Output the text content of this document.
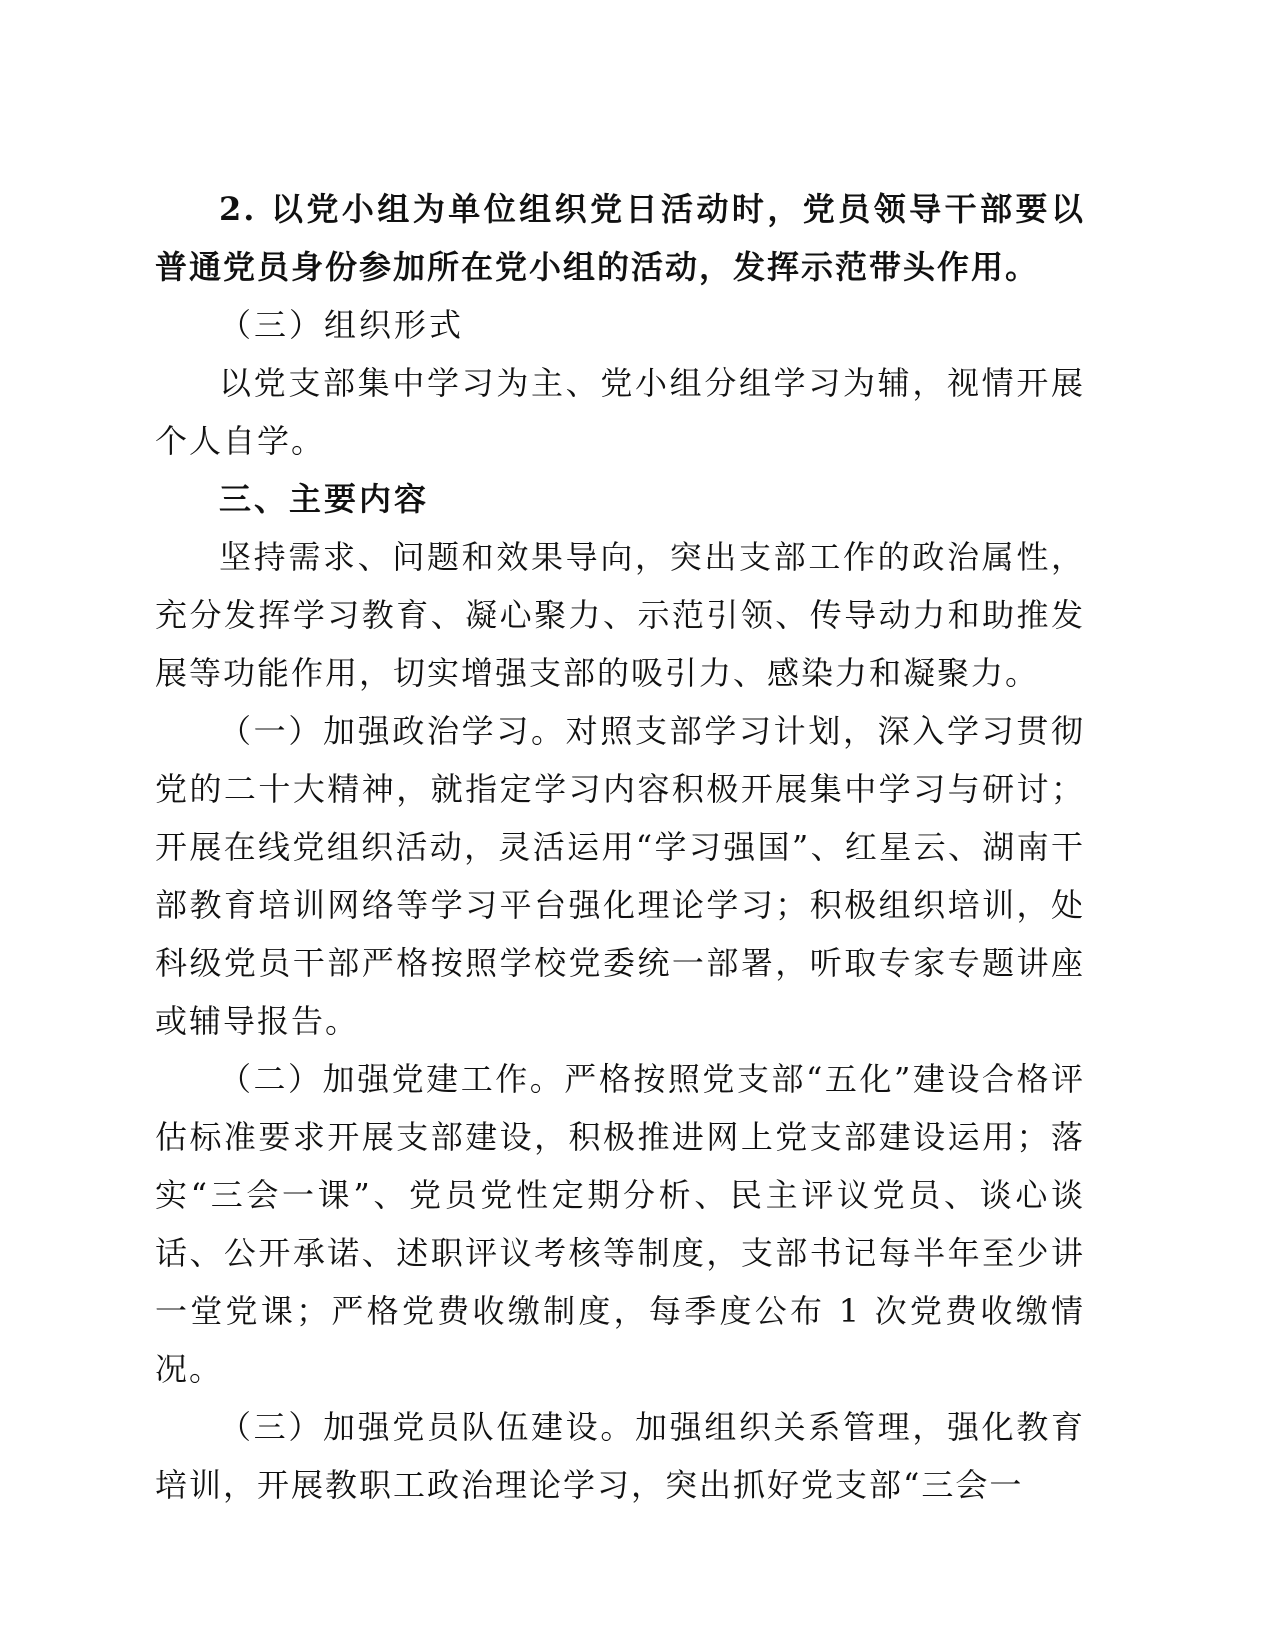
2. 以党小组为单位组织党日活动时，党员领导干部要以普通党员身份参加所在党小组的活动，发挥示范带头作用。

（三）组织形式

以党支部集中学习为主、党小组分组学习为辅，视情开展个人自学。

三、主要内容

坚持需求、问题和效果导向，突出支部工作的政治属性，充分发挥学习教育、凝心聚力、示范引领、传导动力和助推发展等功能作用，切实增强支部的吸引力、感染力和凝聚力。

（一）加强政治学习。对照支部学习计划，深入学习贯彻党的二十大精神，就指定学习内容积极开展集中学习与研讨；开展在线党组织活动，灵活运用“学习强国”、红星云、湖南干部教育培训网络等学习平台强化理论学习；积极组织培训，处科级党员干部严格按照学校党委统一部署，听取专家专题讲座或辅导报告。

（二）加强党建工作。严格按照党支部“五化”建设合格评估标准要求开展支部建设，积极推进网上党支部建设运用；落实“三会一课”、党员党性定期分析、民主评议党员、谈心谈话、公开承诺、述职评议考核等制度，支部书记每半年至少讲一堂党课；严格党费收缴制度，每季度公布 1 次党费收缴情况。

（三）加强党员队伍建设。加强组织关系管理，强化教育培训，开展教职工政治理论学习，突出抓好党支部“三会一
